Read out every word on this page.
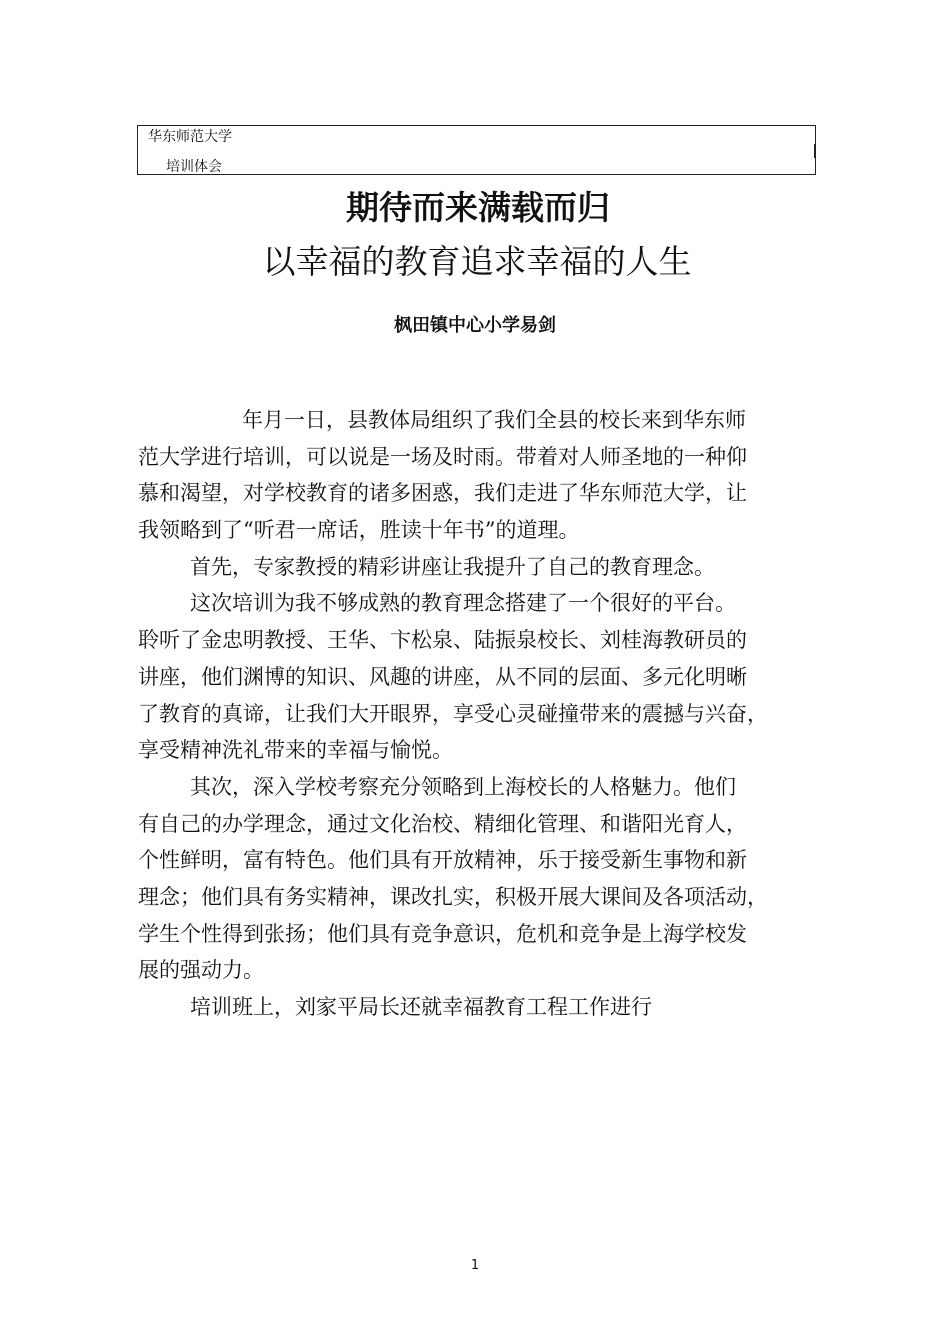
华东师范大学
培训体会
期待而来满载而归
以幸福的教育追求幸福的人生
枫田镇中心小学易剑
年月一日，县教体局组织了我们全县的校长来到华东师
范大学进行培训，可以说是一场及时雨。带着对人师圣地的一种仰
慕和渴望，对学校教育的诸多困惑，我们走进了华东师范大学，让
我领略到了“听君一席话，胜读十年书”的道理。
首先，专家教授的精彩讲座让我提升了自己的教育理念。
这次培训为我不够成熟的教育理念搭建了一个很好的平台。
聆听了金忠明教授、王华、卞松泉、陆振泉校长、刘桂海教研员的
讲座，他们渊博的知识、风趣的讲座，从不同的层面、多元化明晰
了教育的真谛，让我们大开眼界，享受心灵碰撞带来的震撼与兴奋，
享受精神洗礼带来的幸福与愉悦。
其次，深入学校考察充分领略到上海校长的人格魅力。他们
有自己的办学理念，通过文化治校、精细化管理、和谐阳光育人，
个性鲜明，富有特色。他们具有开放精神，乐于接受新生事物和新
理念；他们具有务实精神，课改扎实，积极开展大课间及各项活动，
学生个性得到张扬；他们具有竞争意识，危机和竞争是上海学校发
展的强动力。
培训班上，刘家平局长还就幸福教育工程工作进行
1
